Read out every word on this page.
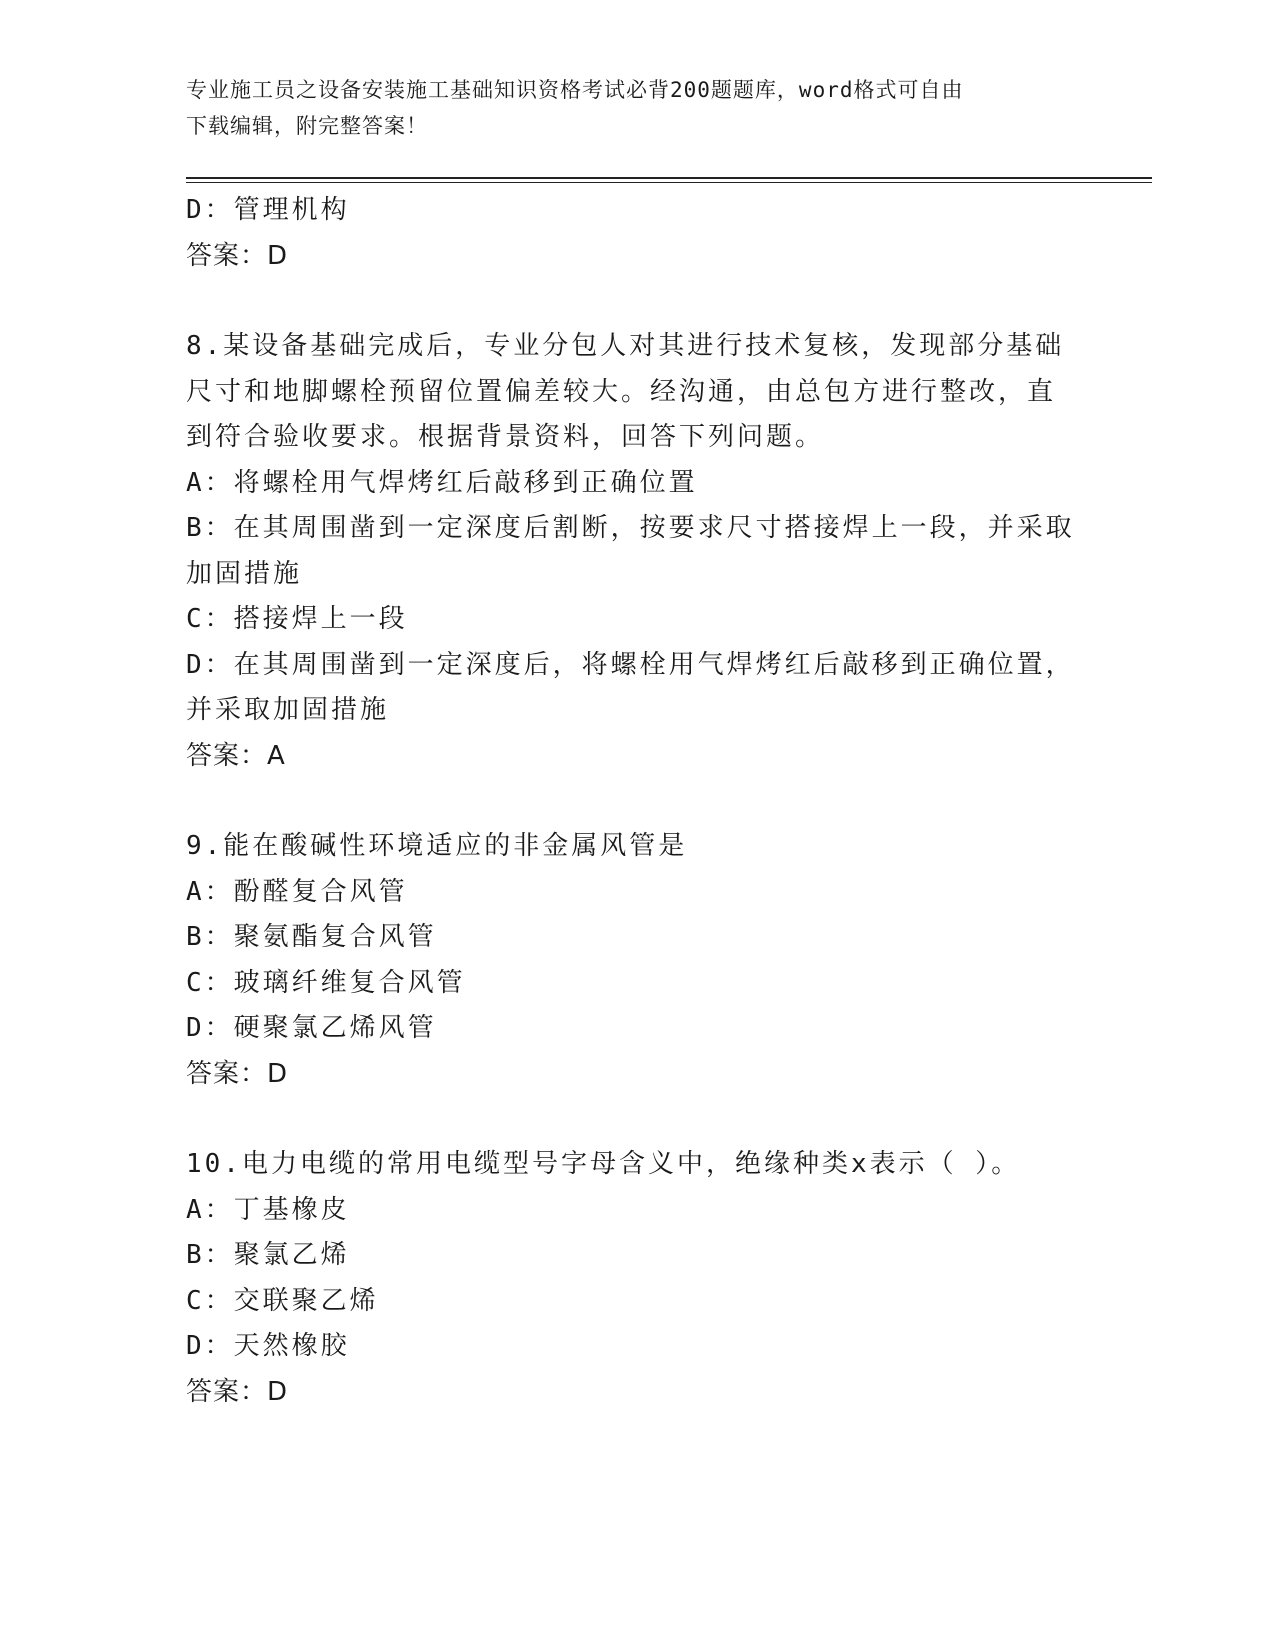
专业施工员之设备安装施工基础知识资格考试必背200题题库，word格式可自由
下载编辑，附完整答案！
D：管理机构
答案：D
8.某设备基础完成后，专业分包人对其进行技术复核，发现部分基础
尺寸和地脚螺栓预留位置偏差较大。经沟通，由总包方进行整改，直
到符合验收要求。根据背景资料，回答下列问题。
A：将螺栓用气焊烤红后敲移到正确位置
B：在其周围凿到一定深度后割断，按要求尺寸搭接焊上一段，并采取
加固措施
C：搭接焊上一段
D：在其周围凿到一定深度后，将螺栓用气焊烤红后敲移到正确位置，
并采取加固措施
答案：A
9.能在酸碱性环境适应的非金属风管是
A：酚醛复合风管
B：聚氨酯复合风管
C：玻璃纤维复合风管
D：硬聚氯乙烯风管
答案：D
10.电力电缆的常用电缆型号字母含义中，绝缘种类x表示（ ）。
A：丁基橡皮
B：聚氯乙烯
C：交联聚乙烯
D：天然橡胶
答案：D
